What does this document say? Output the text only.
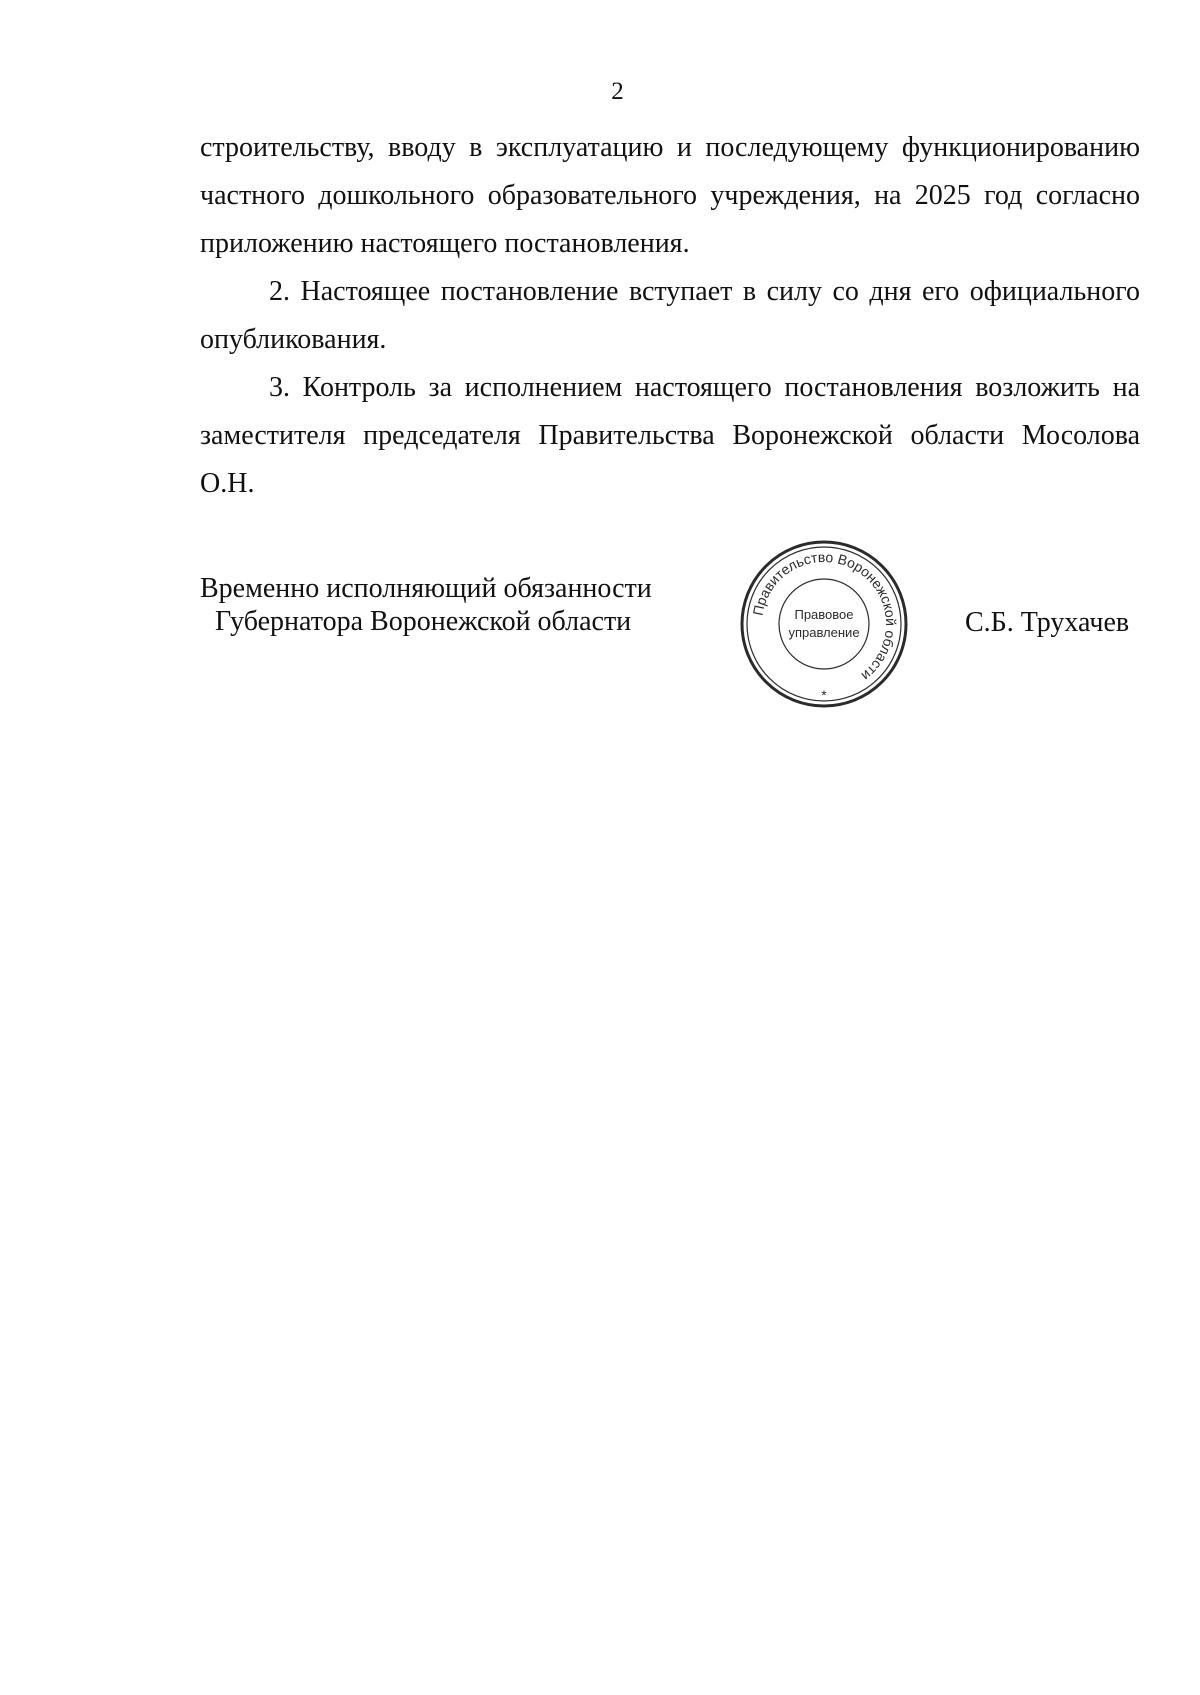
2

строительству, вводу в эксплуатацию и последующему функционированию частного дошкольного образовательного учреждения, на 2025 год согласно приложению настоящего постановления.

2. Настоящее постановление вступает в силу со дня его официального опубликования.

3. Контроль за исполнением настоящего постановления возложить на заместителя председателя Правительства Воронежской области Мосолова О.Н.

Временно исполняющий обязанности
Губернатора Воронежской области	Правительство Воронежской области
Правовое
управление
*
С.Б. Трухачев
